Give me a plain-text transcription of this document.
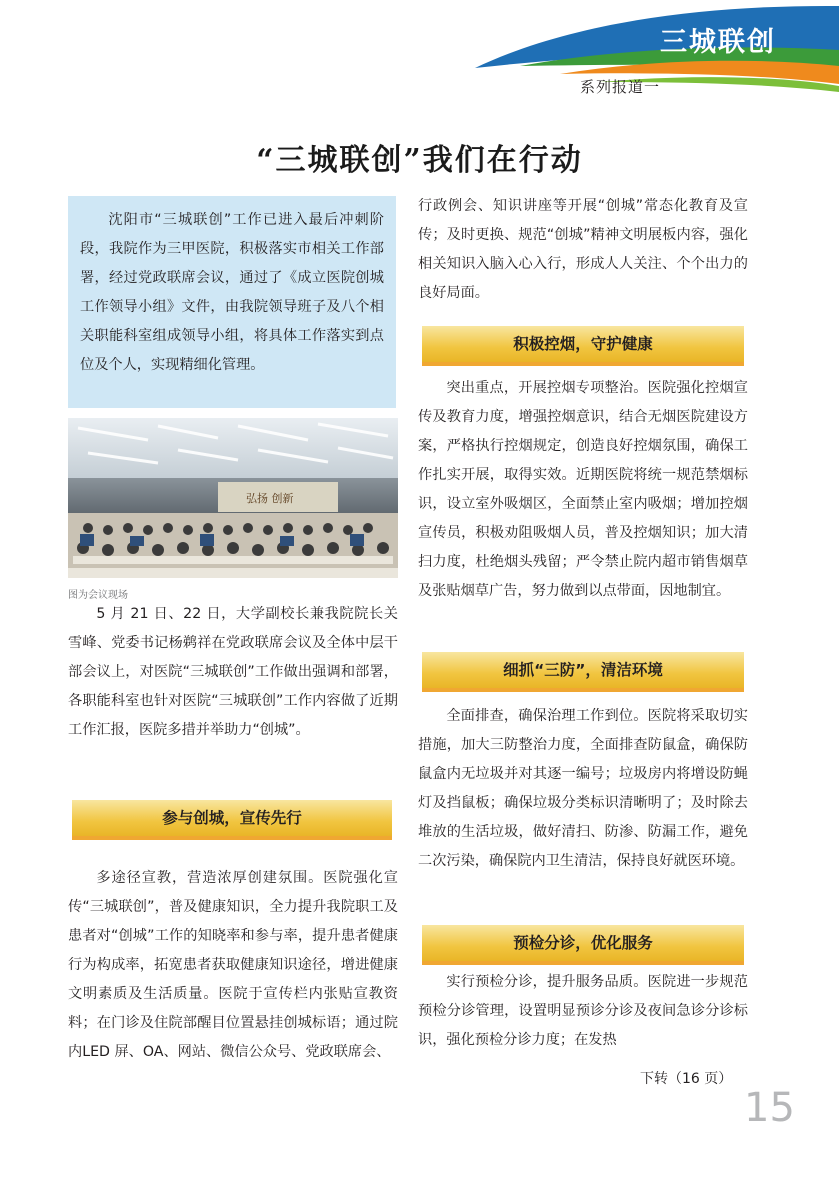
三城联创
系列报道一
“三城联创”我们在行动

沈阳市“三城联创”工作已进入最后冲刺阶段，我院作为三甲医院，积极落实市相关工作部署，经过党政联席会议，通过了《成立医院创城工作领导小组》文件，由我院领导班子及八个相关职能科室组成领导小组，将具体工作落实到点位及个人，实现精细化管理。

弘扬 创新
图为会议现场

5 月 21 日、22 日，大学副校长兼我院院长关雪峰、党委书记杨鹈祥在党政联席会议及全体中层干部会议上，对医院“三城联创”工作做出强调和部署，各职能科室也针对医院“三城联创”工作内容做了近期工作汇报，医院多措并举助力“创城”。

参与创城，宣传先行

多途径宣教，营造浓厚创建氛围。医院强化宣传“三城联创”，普及健康知识，全力提升我院职工及患者对“创城”工作的知晓率和参与率，提升患者健康行为构成率，拓宽患者获取健康知识途径，增进健康文明素质及生活质量。医院于宣传栏内张贴宣教资料；在门诊及住院部醒目位置悬挂创城标语；通过院内LED 屏、OA、网站、微信公众号、党政联席会、

行政例会、知识讲座等开展“创城”常态化教育及宣传；及时更换、规范“创城”精神文明展板内容，强化相关知识入脑入心入行，形成人人关注、个个出力的良好局面。

积极控烟，守护健康

突出重点，开展控烟专项整治。医院强化控烟宣传及教育力度，增强控烟意识，结合无烟医院建设方案，严格执行控烟规定，创造良好控烟氛围，确保工作扎实开展，取得实效。近期医院将统一规范禁烟标识，设立室外吸烟区，全面禁止室内吸烟；增加控烟宣传员，积极劝阻吸烟人员，普及控烟知识；加大清扫力度，杜绝烟头残留；严令禁止院内超市销售烟草及张贴烟草广告，努力做到以点带面，因地制宜。

细抓“三防”，清洁环境

全面排查，确保治理工作到位。医院将采取切实措施，加大三防整治力度，全面排查防鼠盒，确保防鼠盒内无垃圾并对其逐一编号；垃圾房内将增设防蝇灯及挡鼠板；确保垃圾分类标识清晰明了；及时除去堆放的生活垃圾，做好清扫、防渗、防漏工作，避免二次污染，确保院内卫生清洁，保持良好就医环境。

预检分诊，优化服务

实行预检分诊，提升服务品质。医院进一步规范预检分诊管理，设置明显预诊分诊及夜间急诊分诊标识，强化预检分诊力度；在发热

下转（16 页）
15
